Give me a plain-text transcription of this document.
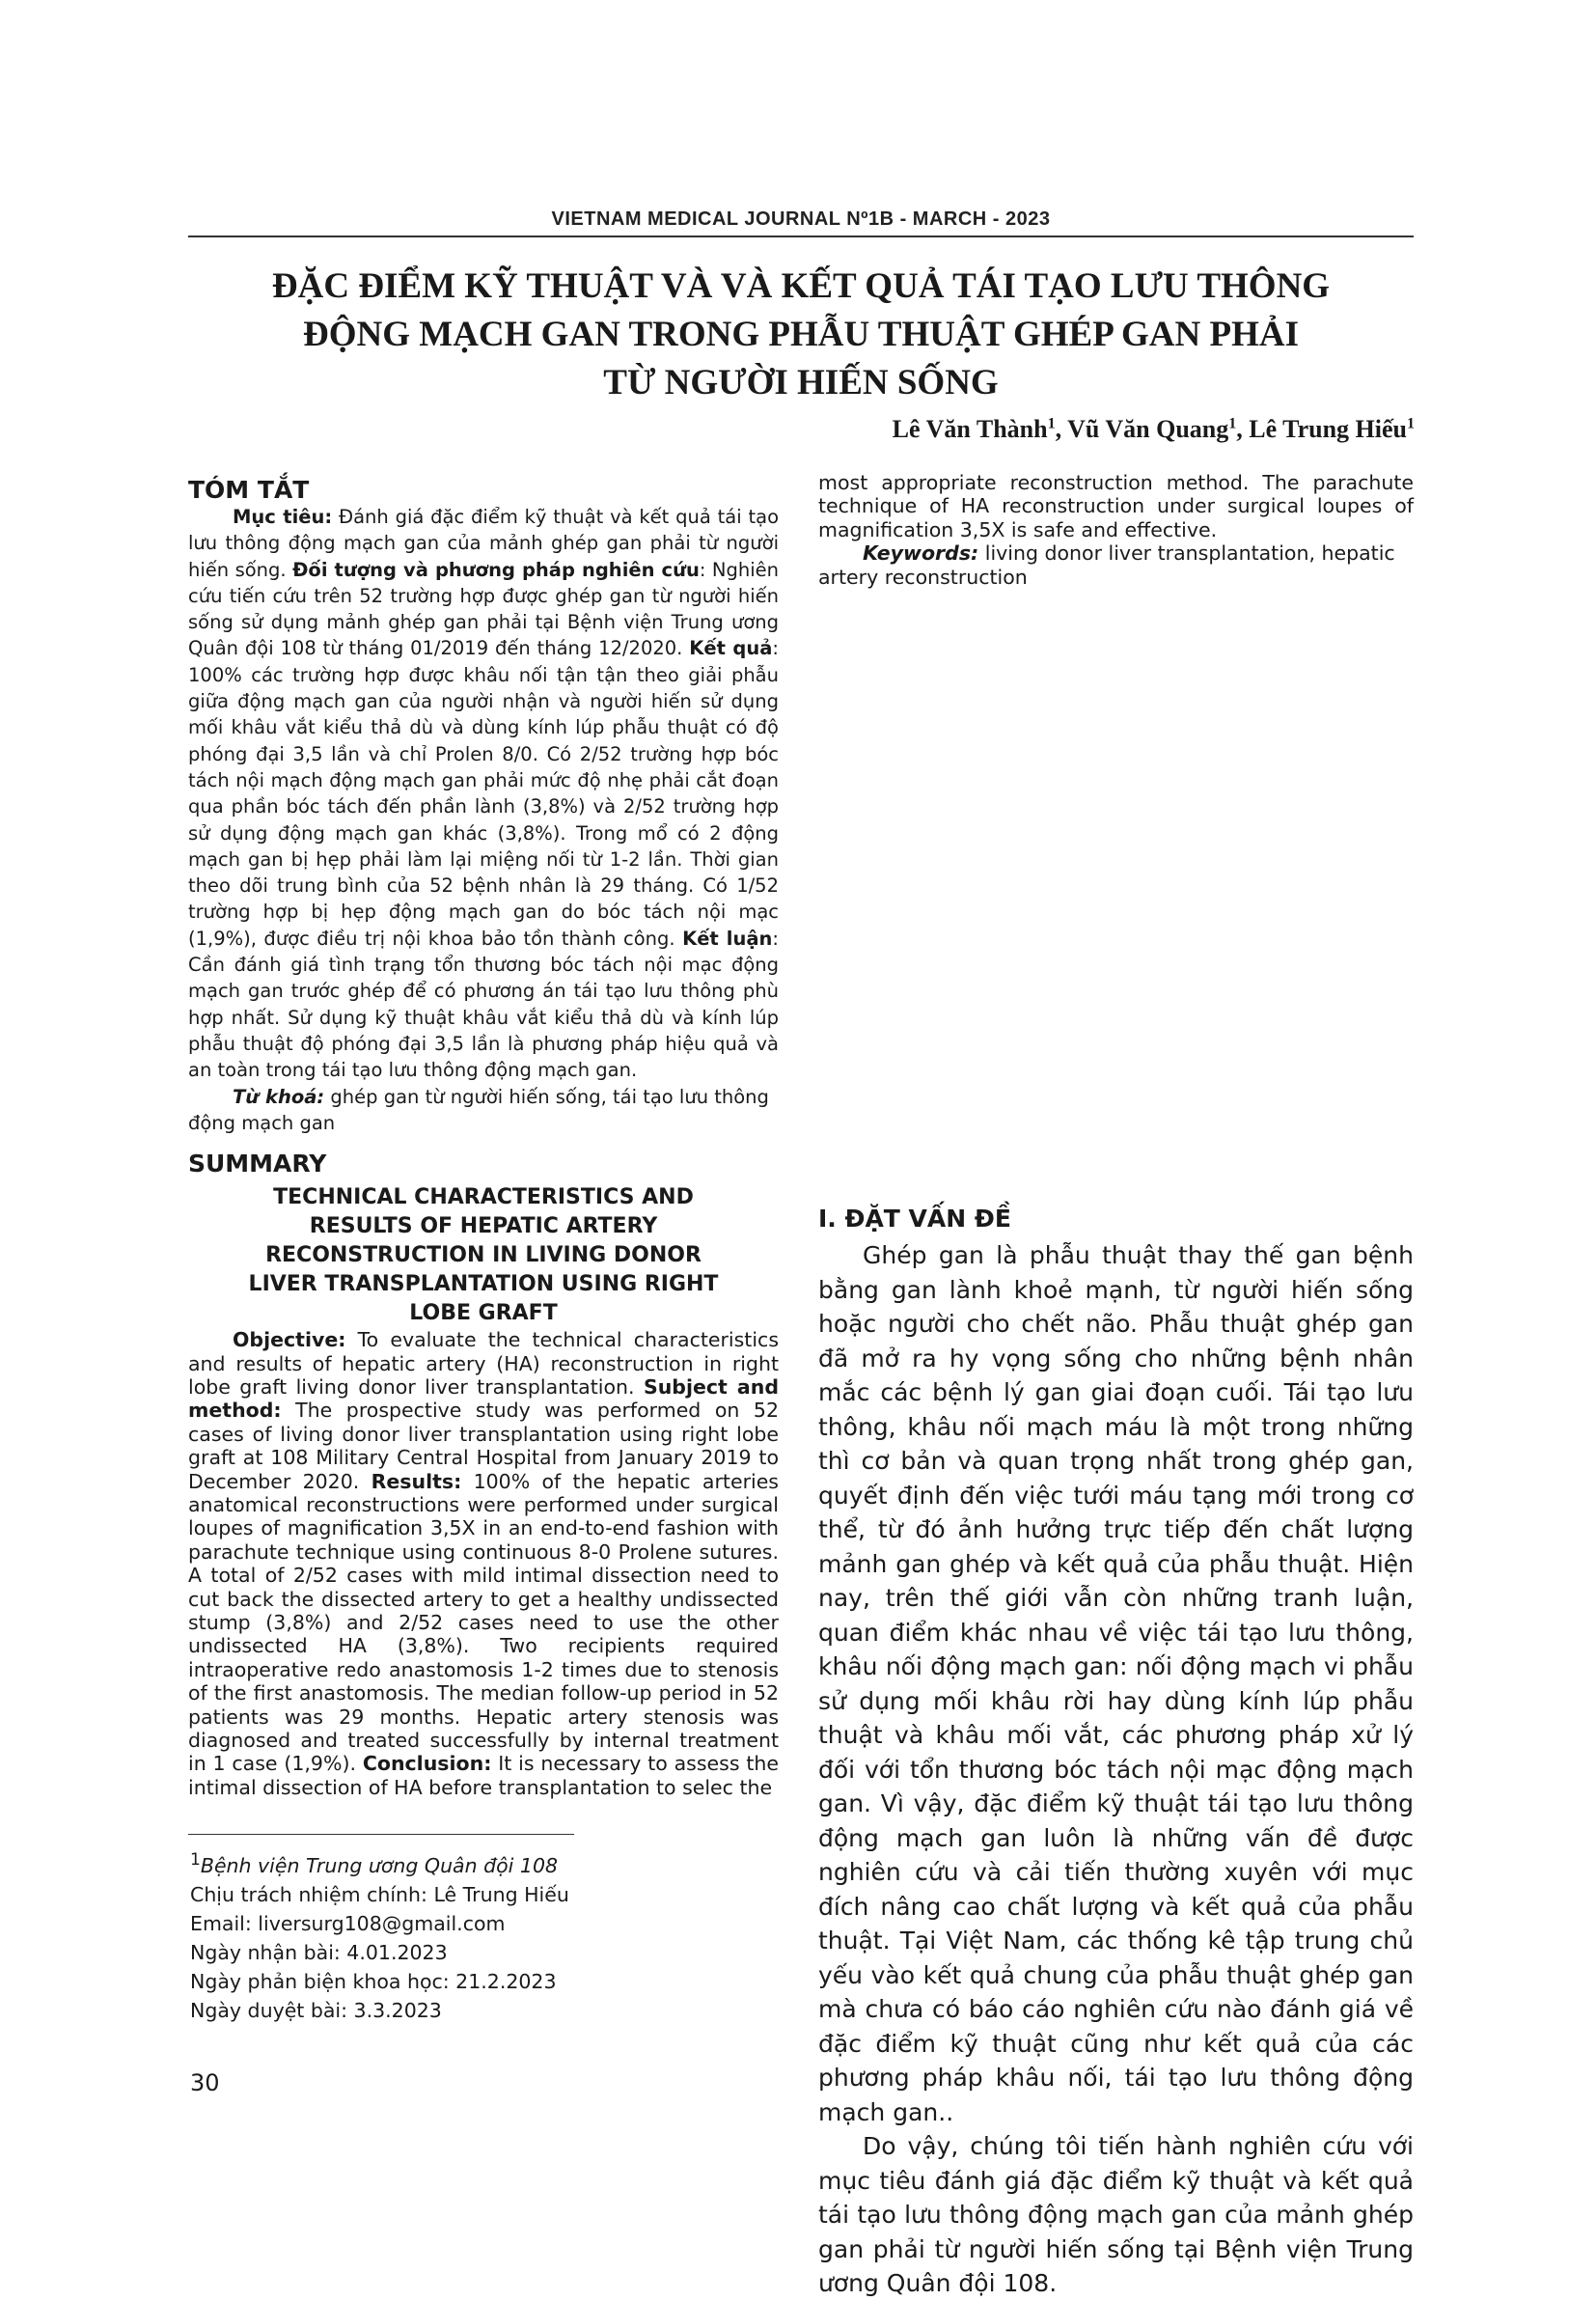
VIETNAM MEDICAL JOURNAL Nº1B - MARCH - 2023
ĐẶC ĐIỂM KỸ THUẬT VÀ VÀ KẾT QUẢ TÁI TẠO LƯU THÔNG
ĐỘNG MẠCH GAN TRONG PHẪU THUẬT GHÉP GAN PHẢI
TỪ NGƯỜI HIẾN SỐNG
Lê Văn Thành$^1$, Vũ Văn Quang$^1$, Lê Trung Hiếu$^1$
TÓM TẮT

Mục tiêu: Đánh giá đặc điểm kỹ thuật và kết quả tái tạo lưu thông động mạch gan của mảnh ghép gan phải từ người hiến sống. Đối tượng và phương pháp nghiên cứu: Nghiên cứu tiến cứu trên 52 trường hợp được ghép gan từ người hiến sống sử dụng mảnh ghép gan phải tại Bệnh viện Trung ương Quân đội 108 từ tháng 01/2019 đến tháng 12/2020. Kết quả: 100% các trường hợp được khâu nối tận tận theo giải phẫu giữa động mạch gan của người nhận và người hiến sử dụng mối khâu vắt kiểu thả dù và dùng kính lúp phẫu thuật có độ phóng đại 3,5 lần và chỉ Prolen 8/0. Có 2/52 trường hợp bóc tách nội mạch động mạch gan phải mức độ nhẹ phải cắt đoạn qua phần bóc tách đến phần lành (3,8%) và 2/52 trường hợp sử dụng động mạch gan khác (3,8%). Trong mổ có 2 động mạch gan bị hẹp phải làm lại miệng nối từ 1-2 lần. Thời gian theo dõi trung bình của 52 bệnh nhân là 29 tháng. Có 1/52 trường hợp bị hẹp động mạch gan do bóc tách nội mạc (1,9%), được điều trị nội khoa bảo tồn thành công. Kết luận: Cần đánh giá tình trạng tổn thương bóc tách nội mạc động mạch gan trước ghép để có phương án tái tạo lưu thông phù hợp nhất. Sử dụng kỹ thuật khâu vắt kiểu thả dù và kính lúp phẫu thuật độ phóng đại 3,5 lần là phương pháp hiệu quả và an toàn trong tái tạo lưu thông động mạch gan.

Từ khoá: ghép gan từ người hiến sống, tái tạo lưu thông động mạch gan

SUMMARY
TECHNICAL CHARACTERISTICS AND
RESULTS OF HEPATIC ARTERY
RECONSTRUCTION IN LIVING DONOR
LIVER TRANSPLANTATION USING RIGHT
LOBE GRAFT

Objective: To evaluate the technical characteristics and results of hepatic artery (HA) reconstruction in right lobe graft living donor liver transplantation. Subject and method: The prospective study was performed on 52 cases of living donor liver transplantation using right lobe graft at 108 Military Central Hospital from January 2019 to December 2020. Results: 100% of the hepatic arteries anatomical reconstructions were performed under surgical loupes of magnification 3,5X in an end-to-end fashion with parachute technique using continuous 8-0 Prolene sutures. A total of 2/52 cases with mild intimal dissection need to cut back the dissected artery to get a healthy undissected stump (3,8%) and 2/52 cases need to use the other undissected HA (3,8%). Two recipients required intraoperative redo anastomosis 1-2 times due to stenosis of the first anastomosis. The median follow-up period in 52 patients was 29 months. Hepatic artery stenosis was diagnosed and treated successfully by internal treatment in 1 case (1,9%). Conclusion: It is necessary to assess the intimal dissection of HA before transplantation to selec the

I. ĐẶT VẤN ĐỀ

Ghép gan là phẫu thuật thay thế gan bệnh bằng gan lành khoẻ mạnh, từ người hiến sống hoặc người cho chết não. Phẫu thuật ghép gan đã mở ra hy vọng sống cho những bệnh nhân mắc các bệnh lý gan giai đoạn cuối. Tái tạo lưu thông, khâu nối mạch máu là một trong những thì cơ bản và quan trọng nhất trong ghép gan, quyết định đến việc tưới máu tạng mới trong cơ thể, từ đó ảnh hưởng trực tiếp đến chất lượng mảnh gan ghép và kết quả của phẫu thuật. Hiện nay, trên thế giới vẫn còn những tranh luận, quan điểm khác nhau về việc tái tạo lưu thông, khâu nối động mạch gan: nối động mạch vi phẫu sử dụng mối khâu rời hay dùng kính lúp phẫu thuật và khâu mối vắt, các phương pháp xử lý đối với tổn thương bóc tách nội mạc động mạch gan. Vì vậy, đặc điểm kỹ thuật tái tạo lưu thông động mạch gan luôn là những vấn đề được nghiên cứu và cải tiến thường xuyên với mục đích nâng cao chất lượng và kết quả của phẫu thuật. Tại Việt Nam, các thống kê tập trung chủ yếu vào kết quả chung của phẫu thuật ghép gan mà chưa có báo cáo nghiên cứu nào đánh giá về đặc điểm kỹ thuật cũng như kết quả của các phương pháp khâu nối, tái tạo lưu thông động mạch gan..

Do vậy, chúng tôi tiến hành nghiên cứu với mục tiêu đánh giá đặc điểm kỹ thuật và kết quả tái tạo lưu thông động mạch gan của mảnh ghép gan phải từ người hiến sống tại Bệnh viện Trung ương Quân đội 108.

$^1$Bệnh viện Trung ương Quân đội 108
Chịu trách nhiệm chính: Lê Trung Hiếu
Email: liversurg108@gmail.com
Ngày nhận bài: 4.01.2023
Ngày phản biện khoa học: 21.2.2023
Ngày duyệt bài: 3.3.2023
30

most appropriate reconstruction method. The parachute technique of HA reconstruction under surgical loupes of magnification 3,5X is safe and effective.

Keywords: living donor liver transplantation, hepatic artery reconstruction
